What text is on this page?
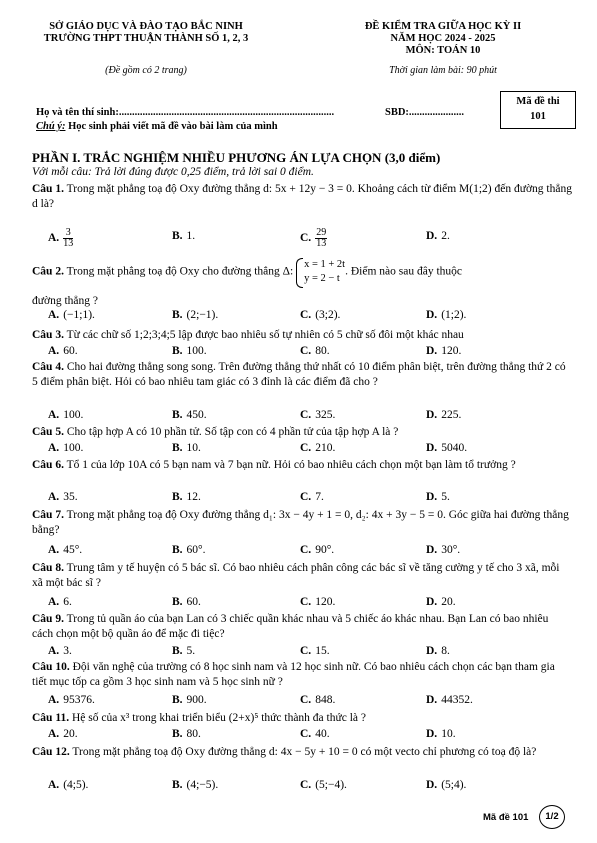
SỞ GIÁO DỤC VÀ ĐÀO TẠO BẮC NINH
TRƯỜNG THPT THUẬN THÀNH SỐ 1, 2, 3
(Đề gồm có 2 trang)
ĐỀ KIỂM TRA GIỮA HỌC KỲ II
NĂM HỌC 2024 - 2025
MÔN: TOÁN 10
Thời gian làm bài: 90 phút
Mã đề thi
101
Họ và tên thí sinh:..................................................................................	SBD:.....................
Chú ý: Học sinh phải viết mã đề vào bài làm của mình
PHẦN I. TRẮC NGHIỆM NHIỀU PHƯƠNG ÁN LỰA CHỌN (3,0 điểm)
Với mỗi câu: Trả lời đúng được 0,25 điểm, trả lời sai 0 điểm.
Câu 1. Trong mặt phẳng toạ độ Oxy đường thẳng d: 5x + 12y − 3 = 0. Khoảng cách từ điểm M(1;2) đến đường thẳng d là?
A. $\frac{3}{13}$	B. 1.	C. $\frac{29}{13}$	D. 2.
Câu 2. Trong mặt phẳng toạ độ Oxy cho đường thẳng Δ:
x = 1 + 2t
y = 2 − t
. Điểm nào sau đây thuộc
đường thẳng ?
A. (−1;1).	B. (2;−1).	C. (3;2).	D. (1;2).
Câu 3. Từ các chữ số 1;2;3;4;5 lập được bao nhiêu số tự nhiên có 5 chữ số đôi một khác nhau
A. 60.	B. 100.	C. 80.	D. 120.
Câu 4. Cho hai đường thẳng song song. Trên đường thẳng thứ nhất có 10 điểm phân biệt, trên đường thẳng thứ 2 có 5 điểm phân biệt. Hỏi có bao nhiêu tam giác có 3 đỉnh là các điểm đã cho ?
A. 100.	B. 450.	C. 325.	D. 225.
Câu 5. Cho tập hợp A có 10 phần tử. Số tập con có 4 phần tử của tập hợp A là ?
A. 100.	B. 10.	C. 210.	D. 5040.
Câu 6. Tổ 1 của lớp 10A có 5 bạn nam và 7 bạn nữ. Hỏi có bao nhiêu cách chọn một bạn làm tổ trưởng ?
A. 35.	B. 12.	C. 7.	D. 5.
Câu 7. Trong mặt phẳng toạ độ Oxy đường thẳng d₁: 3x − 4y + 1 = 0, d₂: 4x + 3y − 5 = 0. Góc giữa hai đường thẳng bằng?
A. 45°.	B. 60°.	C. 90°.	D. 30°.
Câu 8. Trung tâm y tế huyện có 5 bác sĩ. Có bao nhiêu cách phân công các bác sĩ về tăng cường y tế cho 3 xã, mỗi xã một bác sĩ ?
A. 6.	B. 60.	C. 120.	D. 20.
Câu 9. Trong tủ quần áo của bạn Lan có 3 chiếc quần khác nhau và 5 chiếc áo khác nhau. Bạn Lan có bao nhiêu cách chọn một bộ quần áo để mặc đi tiệc?
A. 3.	B. 5.	C. 15.	D. 8.
Câu 10. Đội văn nghệ của trường có 8 học sinh nam và 12 học sinh nữ. Có bao nhiêu cách chọn các bạn tham gia tiết mục tốp ca gồm 3 học sinh nam và 5 học sinh nữ ?
A. 95376.	B. 900.	C. 848.	D. 44352.
Câu 11. Hệ số của x³ trong khai triển biểu (2+x)⁵ thức thành đa thức là ?
A. 20.	B. 80.	C. 40.	D. 10.
Câu 12. Trong mặt phẳng toạ độ Oxy đường thẳng d: 4x − 5y + 10 = 0 có một vecto chỉ phương có toạ độ là?
A. (4;5).	B. (4;−5).	C. (5;−4).	D. (5;4).
Mã đề 101	1/2
